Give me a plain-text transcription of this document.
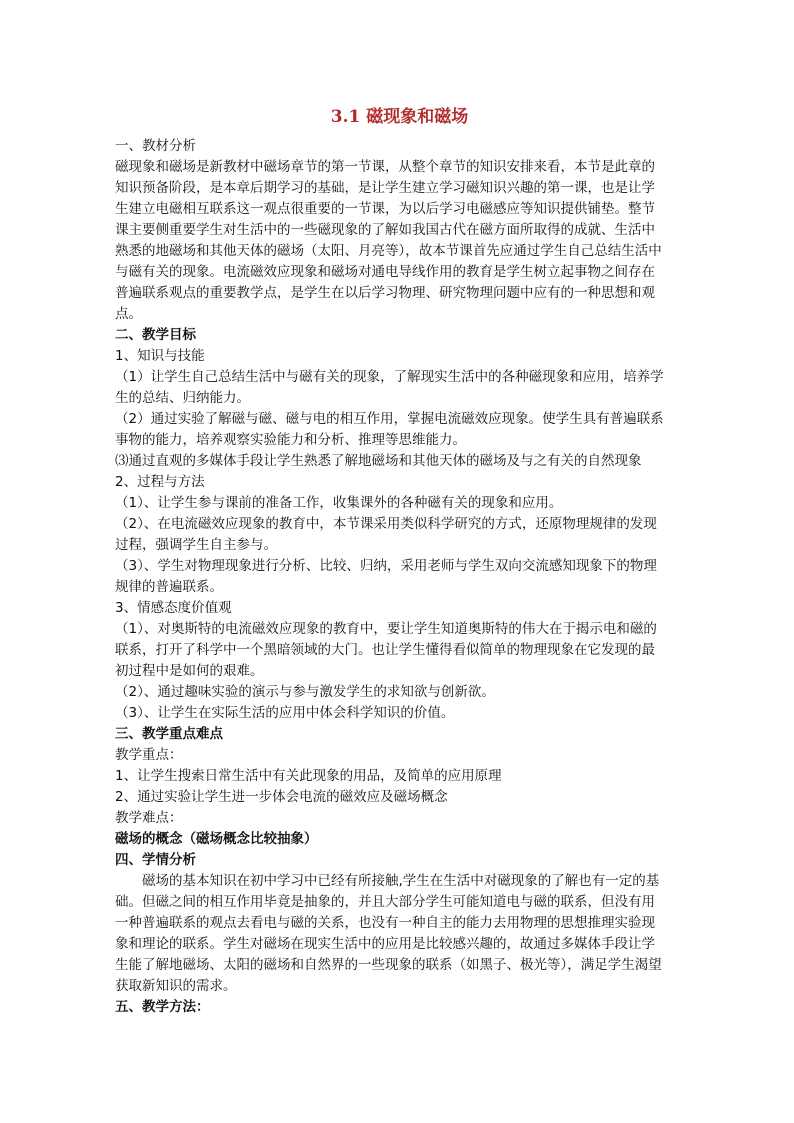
3.1 磁现象和磁场

一、教材分析

磁现象和磁场是新教材中磁场章节的第一节课，从整个章节的知识安排来看，本节是此章的

知识预备阶段，是本章后期学习的基础，是让学生建立学习磁知识兴趣的第一课，也是让学

生建立电磁相互联系这一观点很重要的一节课，为以后学习电磁感应等知识提供铺垫。整节

课主要侧重要学生对生活中的一些磁现象的了解如我国古代在磁方面所取得的成就、生活中

熟悉的地磁场和其他天体的磁场（太阳、月亮等），故本节课首先应通过学生自己总结生活中

与磁有关的现象。电流磁效应现象和磁场对通电导线作用的教育是学生树立起事物之间存在

普遍联系观点的重要教学点，是学生在以后学习物理、研究物理问题中应有的一种思想和观

点。

二、教学目标

1、知识与技能

（1）让学生自己总结生活中与磁有关的现象，了解现实生活中的各种磁现象和应用，培养学

生的总结、归纳能力。

（2）通过实验了解磁与磁、磁与电的相互作用，掌握电流磁效应现象。使学生具有普遍联系

事物的能力，培养观察实验能力和分析、推理等思维能力。

⑶通过直观的多媒体手段让学生熟悉了解地磁场和其他天体的磁场及与之有关的自然现象

2、过程与方法

（1）、让学生参与课前的准备工作，收集课外的各种磁有关的现象和应用。

（2）、在电流磁效应现象的教育中，本节课采用类似科学研究的方式，还原物理规律的发现

过程，强调学生自主参与。

（3）、学生对物理现象进行分析、比较、归纳，采用老师与学生双向交流感知现象下的物理

规律的普遍联系。

3、情感态度价值观

（1）、对奥斯特的电流磁效应现象的教育中，要让学生知道奥斯特的伟大在于揭示电和磁的

联系，打开了科学中一个黑暗领域的大门。也让学生懂得看似简单的物理现象在它发现的最

初过程中是如何的艰难。

（2）、通过趣味实验的演示与参与激发学生的求知欲与创新欲。

（3）、让学生在实际生活的应用中体会科学知识的价值。

三、教学重点难点

教学重点：

1、让学生搜索日常生活中有关此现象的用品，及简单的应用原理

2、通过实验让学生进一步体会电流的磁效应及磁场概念

教学难点：

磁场的概念（磁场概念比较抽象）

四、学情分析

磁场的基本知识在初中学习中已经有所接触,学生在生活中对磁现象的了解也有一定的基

础。但磁之间的相互作用毕竟是抽象的，并且大部分学生可能知道电与磁的联系，但没有用

一种普遍联系的观点去看电与磁的关系，也没有一种自主的能力去用物理的思想推理实验现

象和理论的联系。学生对磁场在现实生活中的应用是比较感兴趣的，故通过多媒体手段让学

生能了解地磁场、太阳的磁场和自然界的一些现象的联系（如黑子、极光等），满足学生渴望

获取新知识的需求。

五、教学方法：
